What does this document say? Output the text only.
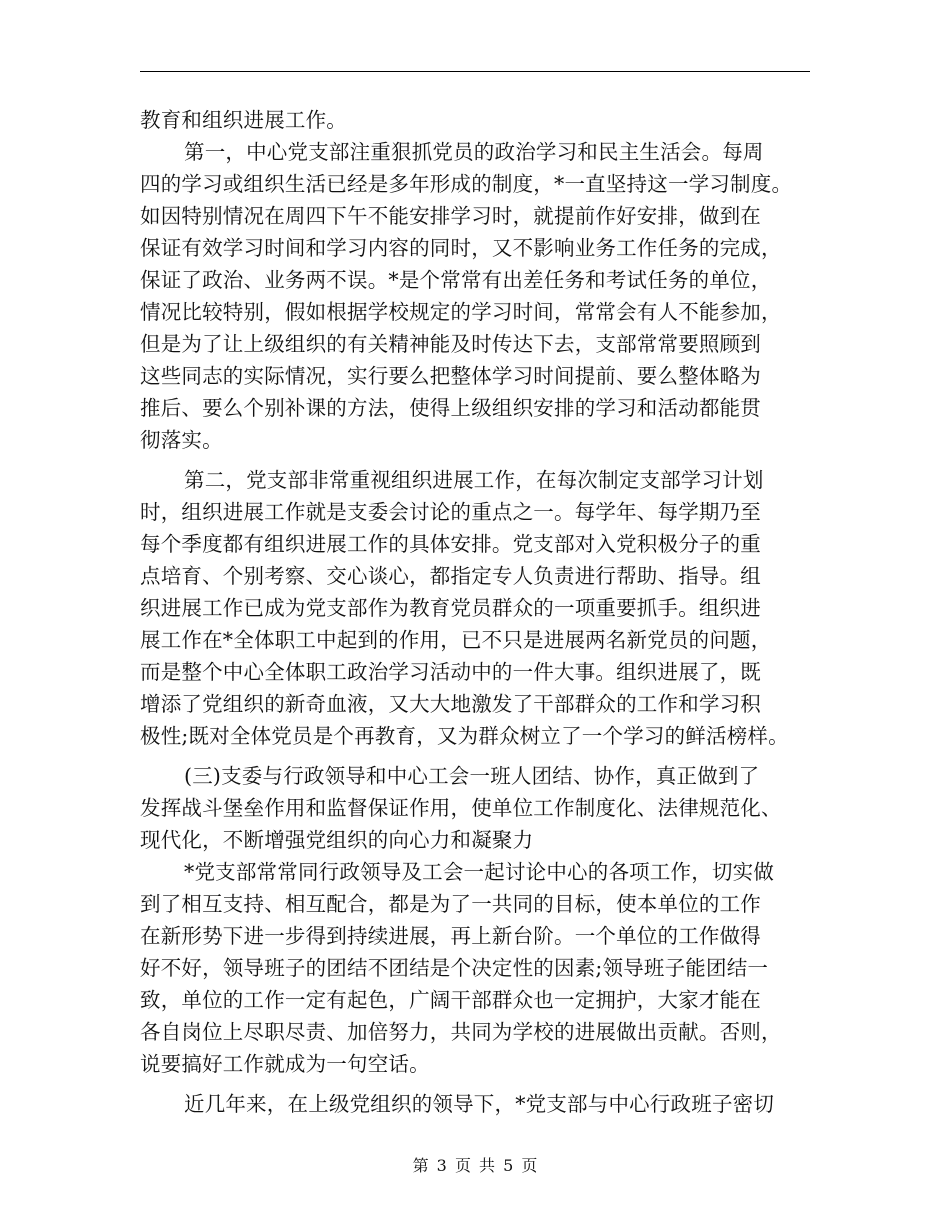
教育和组织进展工作。
第一，中心党支部注重狠抓党员的政治学习和民主生活会。每周
四的学习或组织生活已经是多年形成的制度，*一直坚持这一学习制度。
如因特别情况在周四下午不能安排学习时，就提前作好安排，做到在
保证有效学习时间和学习内容的同时，又不影响业务工作任务的完成，
保证了政治、业务两不误。*是个常常有出差任务和考试任务的单位，
情况比较特别，假如根据学校规定的学习时间，常常会有人不能参加，
但是为了让上级组织的有关精神能及时传达下去，支部常常要照顾到
这些同志的实际情况，实行要么把整体学习时间提前、要么整体略为
推后、要么个别补课的方法，使得上级组织安排的学习和活动都能贯
彻落实。
第二，党支部非常重视组织进展工作，在每次制定支部学习计划
时，组织进展工作就是支委会讨论的重点之一。每学年、每学期乃至
每个季度都有组织进展工作的具体安排。党支部对入党积极分子的重
点培育、个别考察、交心谈心，都指定专人负责进行帮助、指导。组
织进展工作已成为党支部作为教育党员群众的一项重要抓手。组织进
展工作在*全体职工中起到的作用，已不只是进展两名新党员的问题，
而是整个中心全体职工政治学习活动中的一件大事。组织进展了，既
增添了党组织的新奇血液，又大大地激发了干部群众的工作和学习积
极性;既对全体党员是个再教育，又为群众树立了一个学习的鲜活榜样。
(三)支委与行政领导和中心工会一班人团结、协作，真正做到了
发挥战斗堡垒作用和监督保证作用，使单位工作制度化、法律规范化、
现代化，不断增强党组织的向心力和凝聚力
*党支部常常同行政领导及工会一起讨论中心的各项工作，切实做
到了相互支持、相互配合，都是为了一共同的目标，使本单位的工作
在新形势下进一步得到持续进展，再上新台阶。一个单位的工作做得
好不好，领导班子的团结不团结是个决定性的因素;领导班子能团结一
致，单位的工作一定有起色，广阔干部群众也一定拥护，大家才能在
各自岗位上尽职尽责、加倍努力，共同为学校的进展做出贡献。否则，
说要搞好工作就成为一句空话。
近几年来，在上级党组织的领导下，*党支部与中心行政班子密切
第 3 页 共 5 页
